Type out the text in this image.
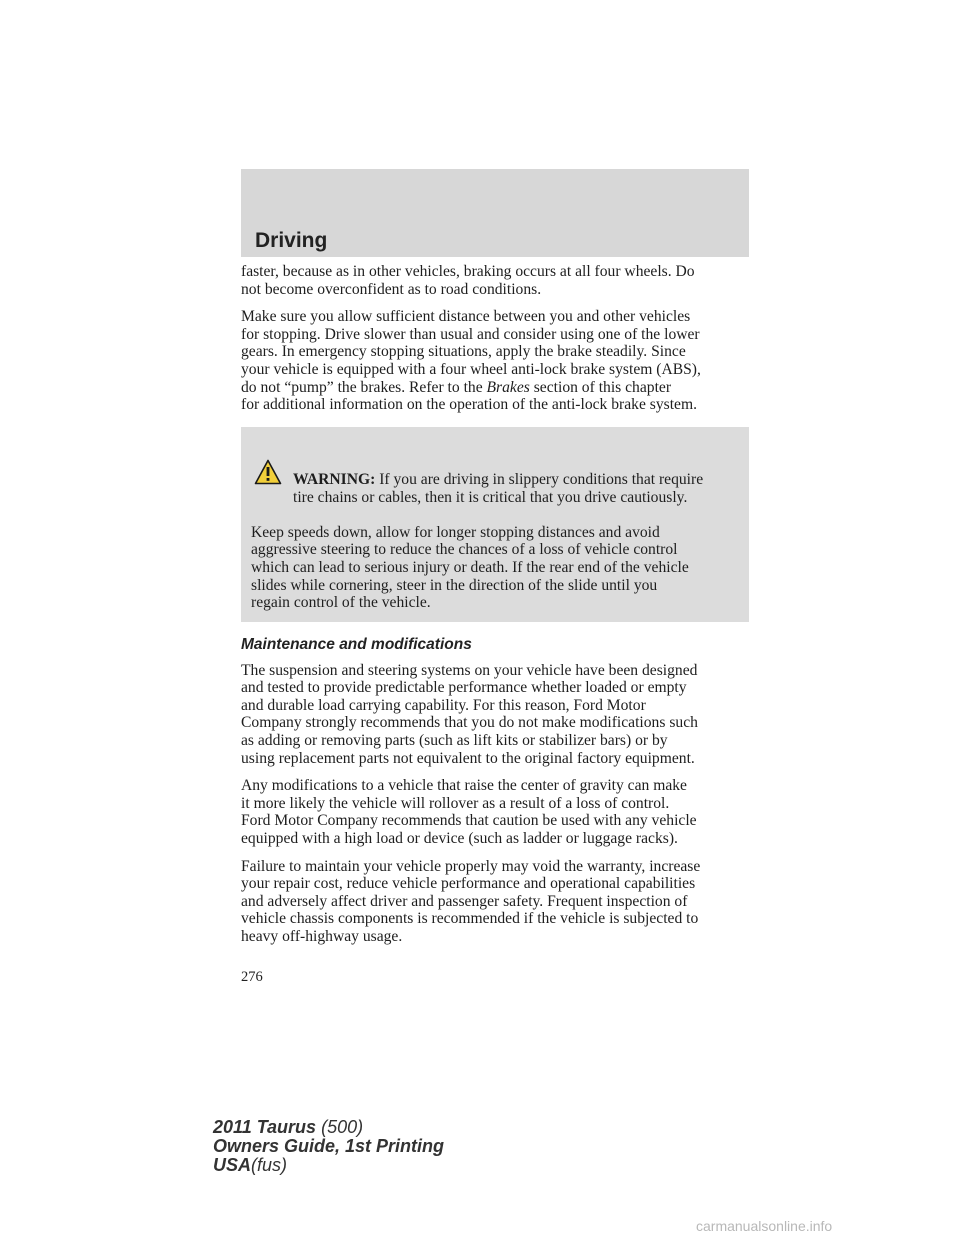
Driving

faster, because as in other vehicles, braking occurs at all four wheels. Do
not become overconfident as to road conditions.

Make sure you allow sufficient distance between you and other vehicles
for stopping. Drive slower than usual and consider using one of the lower
gears. In emergency stopping situations, apply the brake steadily. Since
your vehicle is equipped with a four wheel anti-lock brake system (ABS),
do not “pump” the brakes. Refer to the Brakes section of this chapter
for additional information on the operation of the anti-lock brake system.

WARNING: If you are driving in slippery conditions that require
tire chains or cables, then it is critical that you drive cautiously.

Keep speeds down, allow for longer stopping distances and avoid
aggressive steering to reduce the chances of a loss of vehicle control
which can lead to serious injury or death. If the rear end of the vehicle
slides while cornering, steer in the direction of the slide until you
regain control of the vehicle.

Maintenance and modifications

The suspension and steering systems on your vehicle have been designed
and tested to provide predictable performance whether loaded or empty
and durable load carrying capability. For this reason, Ford Motor
Company strongly recommends that you do not make modifications such
as adding or removing parts (such as lift kits or stabilizer bars) or by
using replacement parts not equivalent to the original factory equipment.

Any modifications to a vehicle that raise the center of gravity can make
it more likely the vehicle will rollover as a result of a loss of control.
Ford Motor Company recommends that caution be used with any vehicle
equipped with a high load or device (such as ladder or luggage racks).

Failure to maintain your vehicle properly may void the warranty, increase
your repair cost, reduce vehicle performance and operational capabilities
and adversely affect driver and passenger safety. Frequent inspection of
vehicle chassis components is recommended if the vehicle is subjected to
heavy off-highway usage.

276
2011 Taurus (500)
Owners Guide, 1st Printing
USA(fus)
carmanualsonline.info
